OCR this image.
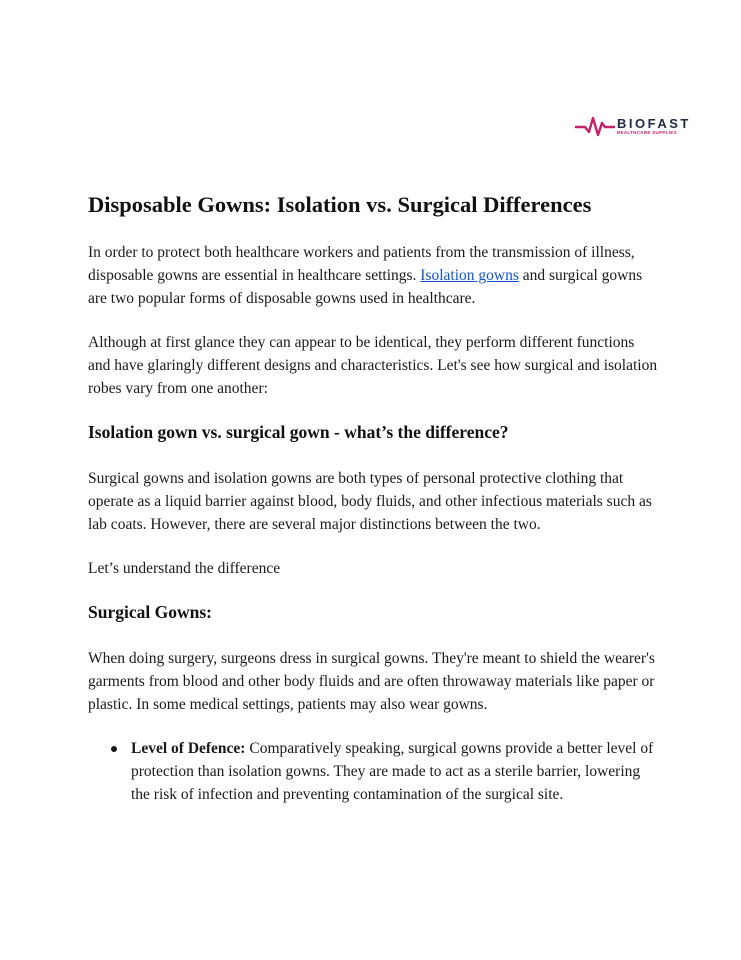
BIOFAST
HEALTHCARE SUPPLIES
Disposable Gowns: Isolation vs. Surgical Differences

In order to protect both healthcare workers and patients from the transmission of illness, disposable gowns are essential in healthcare settings. Isolation gowns and surgical gowns are two popular forms of disposable gowns used in healthcare.

Although at first glance they can appear to be identical, they perform different functions and have glaringly different designs and characteristics. Let's see how surgical and isolation robes vary from one another:

Isolation gown vs. surgical gown - what’s the difference?

Surgical gowns and isolation gowns are both types of personal protective clothing that operate as a liquid barrier against blood, body fluids, and other infectious materials such as lab coats. However, there are several major distinctions between the two.

Let’s understand the difference

Surgical Gowns:

When doing surgery, surgeons dress in surgical gowns. They're meant to shield the wearer's garments from blood and other body fluids and are often throwaway materials like paper or plastic. In some medical settings, patients may also wear gowns.

Level of Defence: Comparatively speaking, surgical gowns provide a better level of protection than isolation gowns. They are made to act as a sterile barrier, lowering the risk of infection and preventing contamination of the surgical site.
